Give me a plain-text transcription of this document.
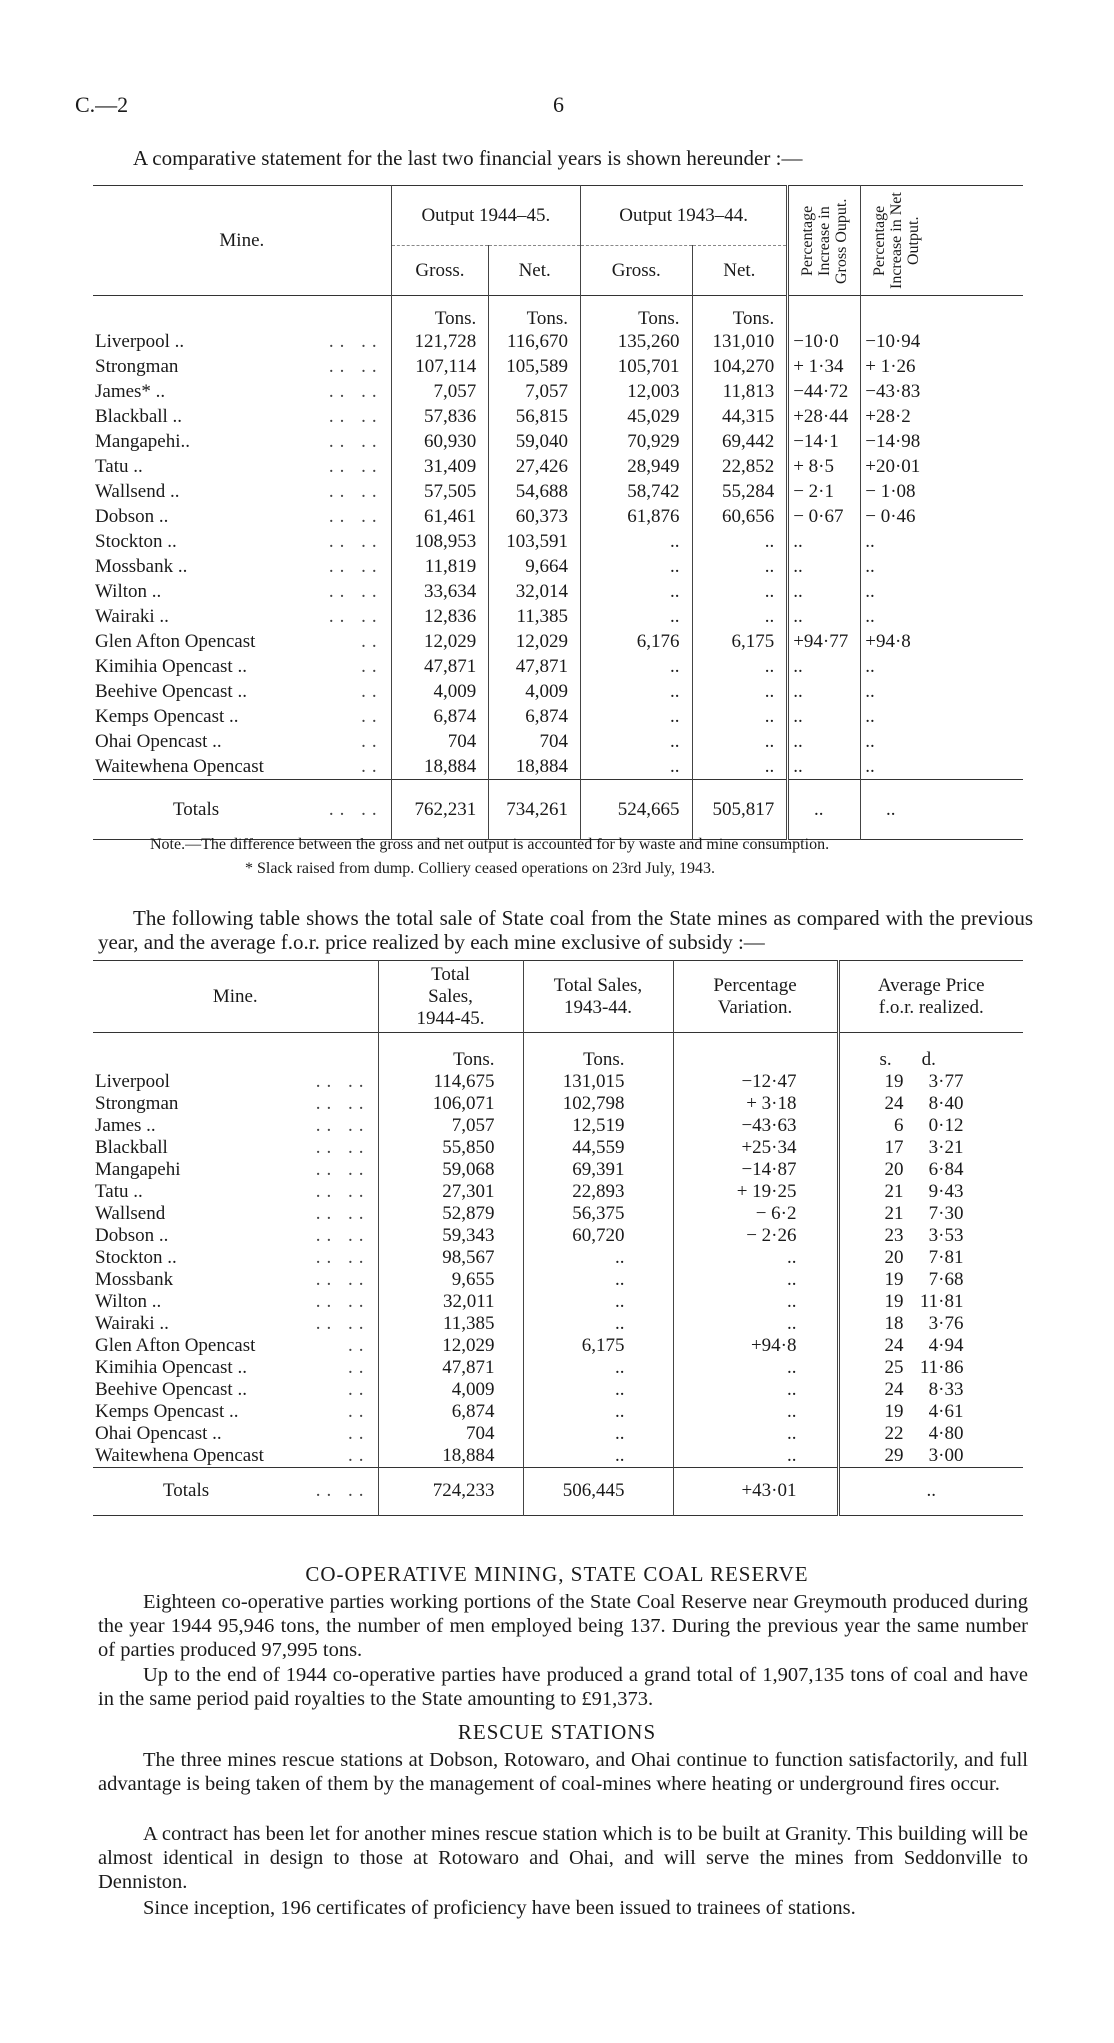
C.—2	6
A comparative statement for the last two financial years is shown hereunder :—
Mine.	Output 1944–45.		Output 1943–44.		Percentage Increase in Gross Ouput.	Percentage Increase in Net Output.	

	Gross.	Net.	Gross.	Net.			
	Tons.	Tons.	Tons.	Tons.			
Liverpool .. .. ..	121,728	116,670	135,260	131,010	−10·0	−10·94	
Strongman .. ..	107,114	105,589	105,701	104,270	+ 1·34	+ 1·26	
James* .. .. ..	7,057	7,057	12,003	11,813	−44·72	−43·83	
Blackball .. .. ..	57,836	56,815	45,029	44,315	+28·44	+28·2	
Mangapehi.. .. ..	60,930	59,040	70,929	69,442	−14·1	−14·98	
Tatu .. .. ..	31,409	27,426	28,949	22,852	+ 8·5	+20·01	
Wallsend .. .. ..	57,505	54,688	58,742	55,284	− 2·1	− 1·08	
Dobson .. .. ..	61,461	60,373	61,876	60,656	− 0·67	− 0·46	
Stockton .. .. ..	108,953	103,591	..	..	..	..	
Mossbank .. .. ..	11,819	9,664	..	..	..	..	
Wilton .. .. ..	33,634	32,014	..	..	..	..	
Wairaki .. .. ..	12,836	11,385	..	..	..	..	
Glen Afton Opencast ..	12,029	12,029	6,176	6,175	+94·77	+94·8	
Kimihia Opencast .. ..	47,871	47,871	..	..	..	..	
Beehive Opencast .. ..	4,009	4,009	..	..	..	..	
Kemps Opencast .. ..	6,874	6,874	..	..	..	..	
Ohai Opencast .. ..	704	704	..	..	..	..	
Waitewhena Opencast ..	18,884	18,884	..	..	..	..	
Totals .. ..	762,231	734,261	524,665	505,817	..	..	
Note.—The difference between the gross and net output is accounted for by waste and mine consumption.
* Slack raised from dump. Colliery ceased operations on 23rd July, 1943.
The following table shows the total sale of State coal from the State mines as compared with the previous year, and the average f.o.r. price realized by each mine exclusive of subsidy :—
Mine.	Total Sales, 1944-45.	Total Sales, 1943-44.	Percentage Variation.	Average Price f.o.r. realized.
	Tons.	Tons.		s. d.
Liverpool .. ..	114,675	131,015	−12·47	19 3·77
Strongman .. ..	106,071	102,798	+ 3·18	24 8·40
James .. .. ..	7,057	12,519	−43·63	6 0·12
Blackball .. ..	55,850	44,559	+25·34	17 3·21
Mangapehi .. ..	59,068	69,391	−14·87	20 6·84
Tatu .. .. ..	27,301	22,893	+ 19·25	21 9·43
Wallsend .. ..	52,879	56,375	− 6·2	21 7·30
Dobson .. .. ..	59,343	60,720	− 2·26	23 3·53
Stockton .. .. ..	98,567	..	..	20 7·81
Mossbank .. ..	9,655	..	..	19 7·68
Wilton .. .. ..	32,011	..	..	19 11·81
Wairaki .. .. ..	11,385	..	..	18 3·76
Glen Afton Opencast ..	12,029	6,175	+94·8	24 4·94
Kimihia Opencast .. ..	47,871	..	..	25 11·86
Beehive Opencast .. ..	4,009	..	..	24 8·33
Kemps Opencast .. ..	6,874	..	..	19 4·61
Ohai Opencast .. ..	704	..	..	22 4·80
Waitewhena Opencast ..	18,884	..	..	29 3·00
Totals .. ..	724,233	506,445	+43·01	..
CO-OPERATIVE MINING, STATE COAL RESERVE
Eighteen co-operative parties working portions of the State Coal Reserve near Greymouth produced during the year 1944 95,946 tons, the number of men employed being 137. During the previous year the same number of parties produced 97,995 tons.
Up to the end of 1944 co-operative parties have produced a grand total of 1,907,135 tons of coal and have in the same period paid royalties to the State amounting to £91,373.
RESCUE STATIONS
The three mines rescue stations at Dobson, Rotowaro, and Ohai continue to function satisfactorily, and full advantage is being taken of them by the management of coal-mines where heating or underground fires occur.
A contract has been let for another mines rescue station which is to be built at Granity. This building will be almost identical in design to those at Rotowaro and Ohai, and will serve the mines from Seddonville to Denniston.
Since inception, 196 certificates of proficiency have been issued to trainees of stations.
